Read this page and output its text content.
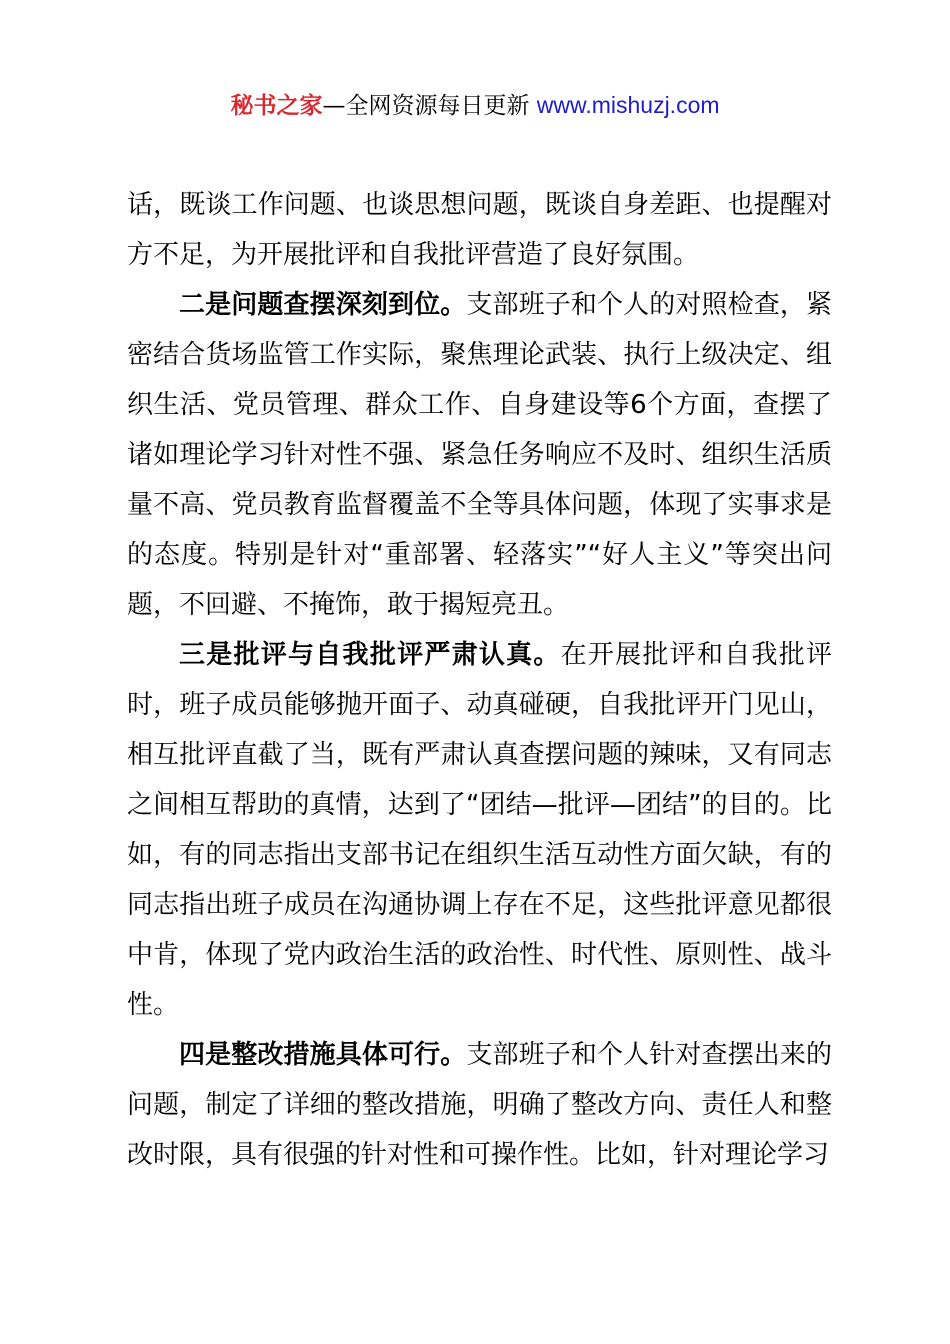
秘书之家—全网资源每日更新 www.mishuzj.com

话，既谈工作问题、也谈思想问题，既谈自身差距、也提醒对方不足，为开展批评和自我批评营造了良好氛围。

二是问题查摆深刻到位。支部班子和个人的对照检查，紧密结合货场监管工作实际，聚焦理论武装、执行上级决定、组织生活、党员管理、群众工作、自身建设等6个方面，查摆了诸如理论学习针对性不强、紧急任务响应不及时、组织生活质量不高、党员教育监督覆盖不全等具体问题，体现了实事求是的态度。特别是针对“重部署、轻落实”“好人主义”等突出问题，不回避、不掩饰，敢于揭短亮丑。

三是批评与自我批评严肃认真。在开展批评和自我批评时，班子成员能够抛开面子、动真碰硬，自我批评开门见山，相互批评直截了当，既有严肃认真查摆问题的辣味，又有同志之间相互帮助的真情，达到了“团结—批评—团结”的目的。比如，有的同志指出支部书记在组织生活互动性方面欠缺，有的同志指出班子成员在沟通协调上存在不足，这些批评意见都很中肯，体现了党内政治生活的政治性、时代性、原则性、战斗性。

四是整改措施具体可行。支部班子和个人针对查摆出来的问题，制定了详细的整改措施，明确了整改方向、责任人和整改时限，具有很强的针对性和可操作性。比如，针对理论学习
